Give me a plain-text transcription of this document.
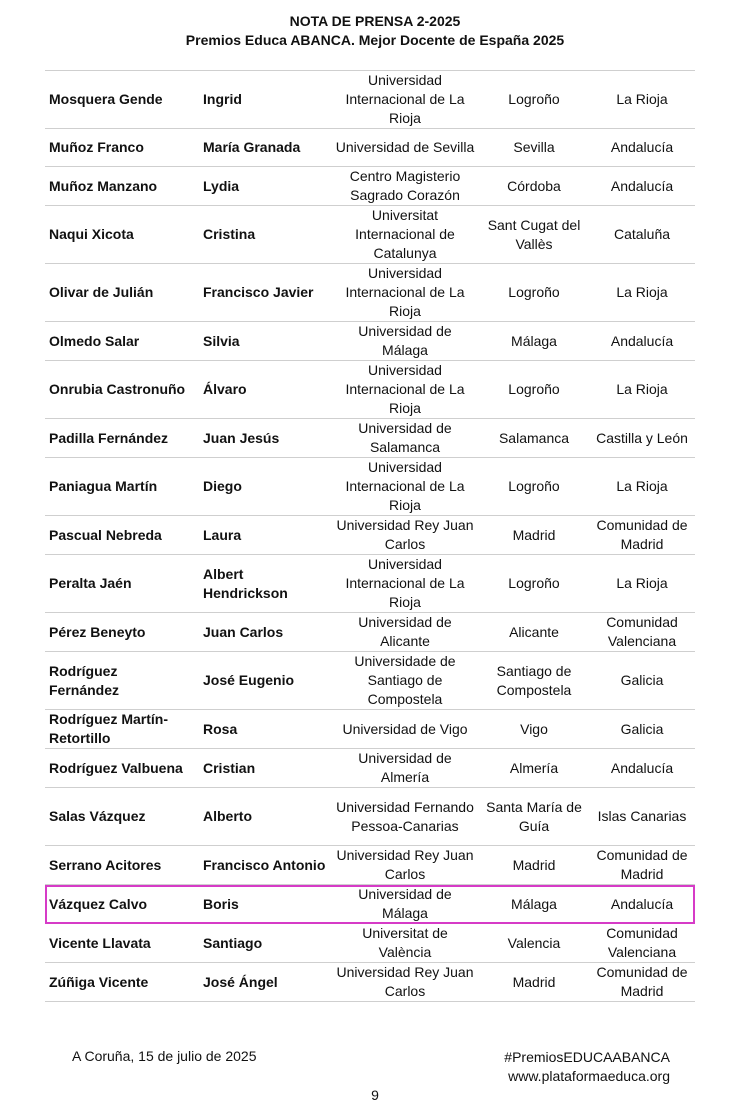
NOTA DE PRENSA 2-2025
Premios Educa ABANCA. Mejor Docente de España 2025
Mosquera Gende	Ingrid	Universidad Internacional de La Rioja	Logroño	La Rioja
Muñoz Franco	María Granada	Universidad de Sevilla	Sevilla	Andalucía
Muñoz Manzano	Lydia	Centro Magisterio Sagrado Corazón	Córdoba	Andalucía
Naqui Xicota	Cristina	Universitat Internacional de Catalunya	Sant Cugat del Vallès	Cataluña
Olivar de Julián	Francisco Javier	Universidad Internacional de La Rioja	Logroño	La Rioja
Olmedo Salar	Silvia	Universidad de Málaga	Málaga	Andalucía
Onrubia Castronuño	Álvaro	Universidad Internacional de La Rioja	Logroño	La Rioja
Padilla Fernández	Juan Jesús	Universidad de Salamanca	Salamanca	Castilla y León
Paniagua Martín	Diego	Universidad Internacional de La Rioja	Logroño	La Rioja
Pascual Nebreda	Laura	Universidad Rey Juan Carlos	Madrid	Comunidad de Madrid
Peralta Jaén	Albert Hendrickson	Universidad Internacional de La Rioja	Logroño	La Rioja
Pérez Beneyto	Juan Carlos	Universidad de Alicante	Alicante	Comunidad Valenciana
Rodríguez Fernández	José Eugenio	Universidade de Santiago de Compostela	Santiago de Compostela	Galicia
Rodríguez Martín-Retortillo	Rosa	Universidad de Vigo	Vigo	Galicia
Rodríguez Valbuena	Cristian	Universidad de Almería	Almería	Andalucía
Salas Vázquez	Alberto	Universidad Fernando Pessoa-Canarias	Santa María de Guía	Islas Canarias
Serrano Acitores	Francisco Antonio	Universidad Rey Juan Carlos	Madrid	Comunidad de Madrid
Vázquez Calvo	Boris	Universidad de Málaga	Málaga	Andalucía
Vicente Llavata	Santiago	Universitat de València	Valencia	Comunidad Valenciana
Zúñiga Vicente	José Ángel	Universidad Rey Juan Carlos	Madrid	Comunidad de Madrid
A Coruña, 15 de julio de 2025	#PremiosEDUCAABANCA
www.plataformaeduca.org
9
